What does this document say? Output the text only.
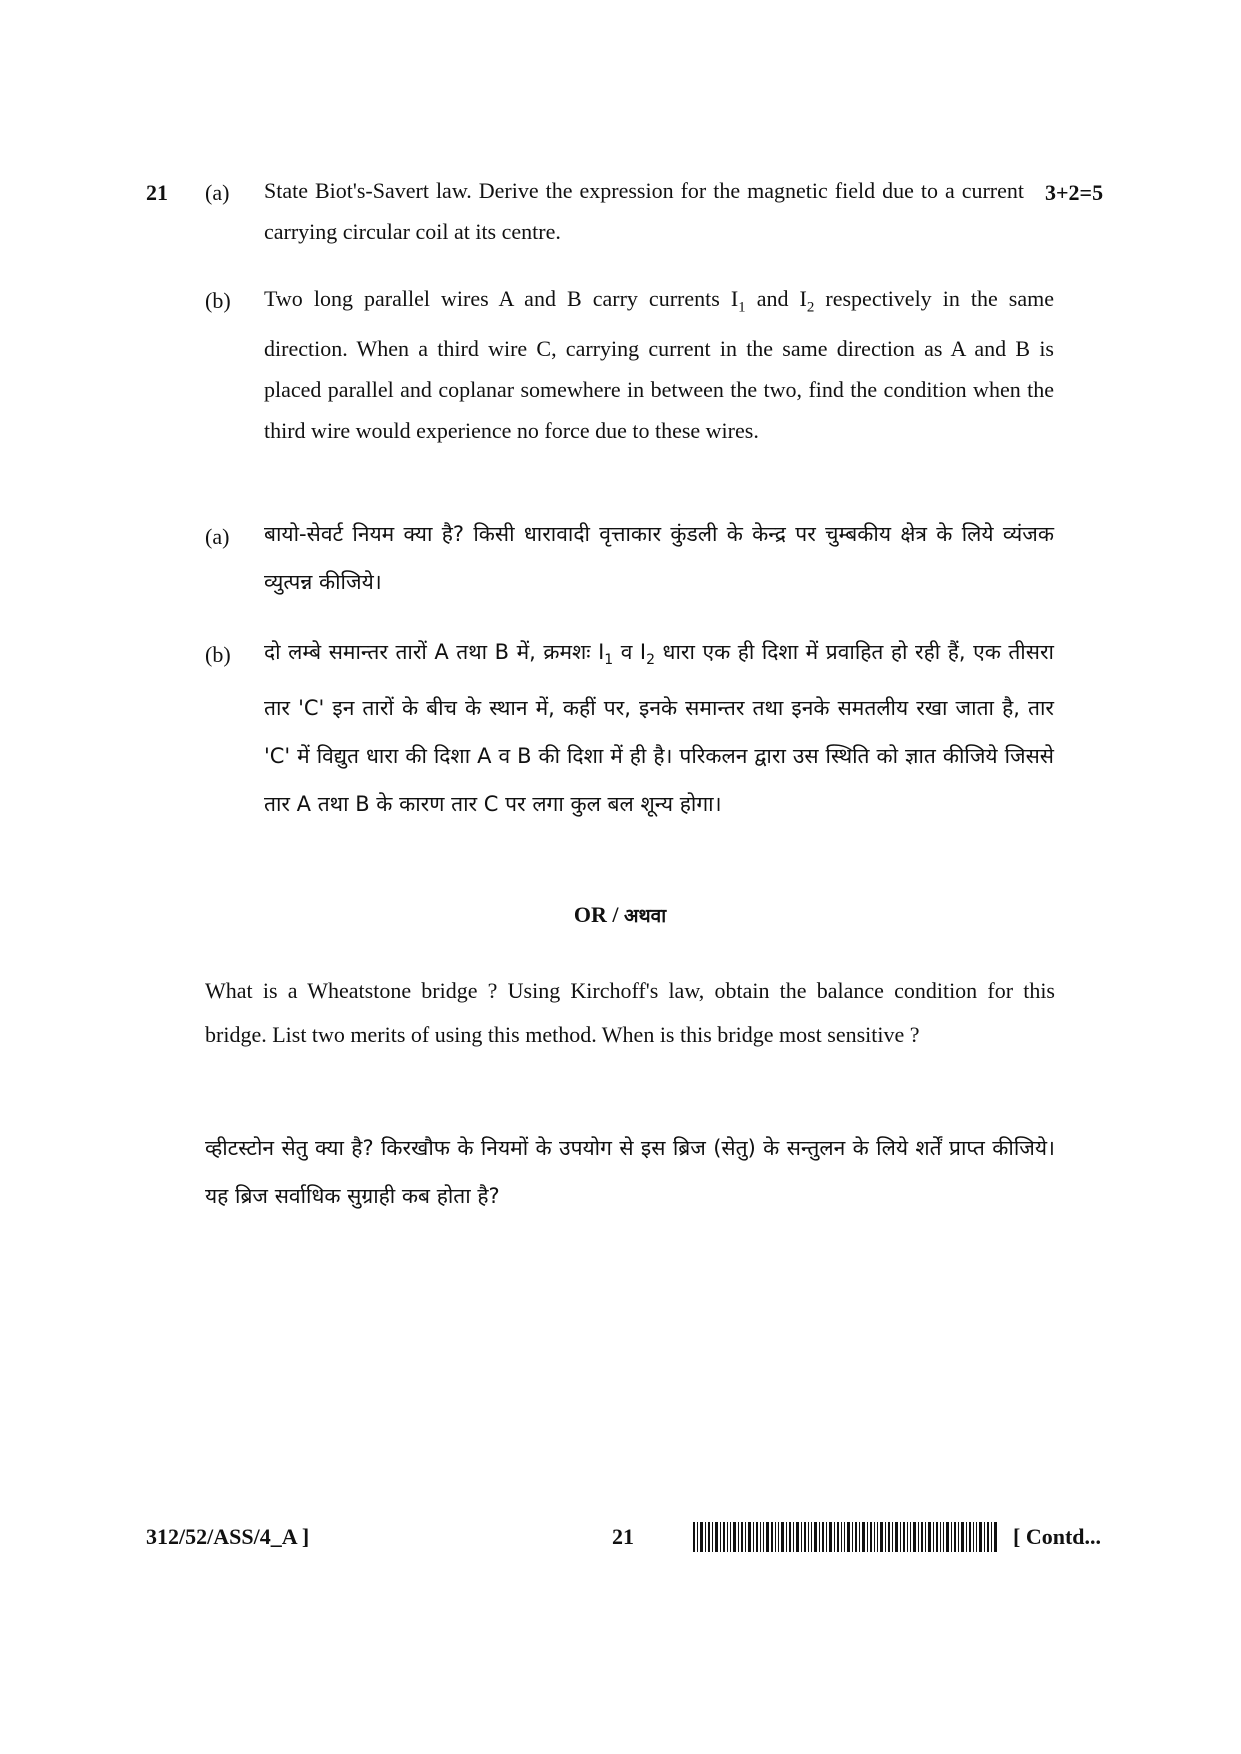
21	3+2=5
(a) State Biot's-Savert law. Derive the expression for the magnetic field due to a current carrying circular coil at its centre.
(b) Two long parallel wires A and B carry currents $I_1$ and $I_2$ respectively in the same direction. When a third wire C, carrying current in the same direction as A and B is placed parallel and coplanar somewhere in between the two, find the condition when the third wire would experience no force due to these wires.
(a) बायो-सेवर्ट नियम क्या है? किसी धारावादी वृत्ताकार कुंडली के केन्द्र पर चुम्बकीय क्षेत्र के लिये व्यंजक व्युत्पन्न कीजिये।
(b) दो लम्बे समान्तर तारों A तथा B में, क्रमशः $I_1$ व $I_2$ धारा एक ही दिशा में प्रवाहित हो रही हैं, एक तीसरा तार 'C' इन तारों के बीच के स्थान में, कहीं पर, इनके समान्तर तथा इनके समतलीय रखा जाता है, तार 'C' में विद्युत धारा की दिशा A व B की दिशा में ही है। परिकलन द्वारा उस स्थिति को ज्ञात कीजिये जिससे तार A तथा B के कारण तार C पर लगा कुल बल शून्य होगा।
OR / अथवा
What is a Wheatstone bridge ? Using Kirchoff's law, obtain the balance condition for this bridge. List two merits of using this method. When is this bridge most sensitive ?
व्हीटस्टोन सेतु क्या है? किरखौफ के नियमों के उपयोग से इस ब्रिज (सेतु) के सन्तुलन के लिये शर्तें प्राप्त कीजिये। यह ब्रिज सर्वाधिक सुग्राही कब होता है?
312/52/ASS/4_A ]	21	[ Contd...
